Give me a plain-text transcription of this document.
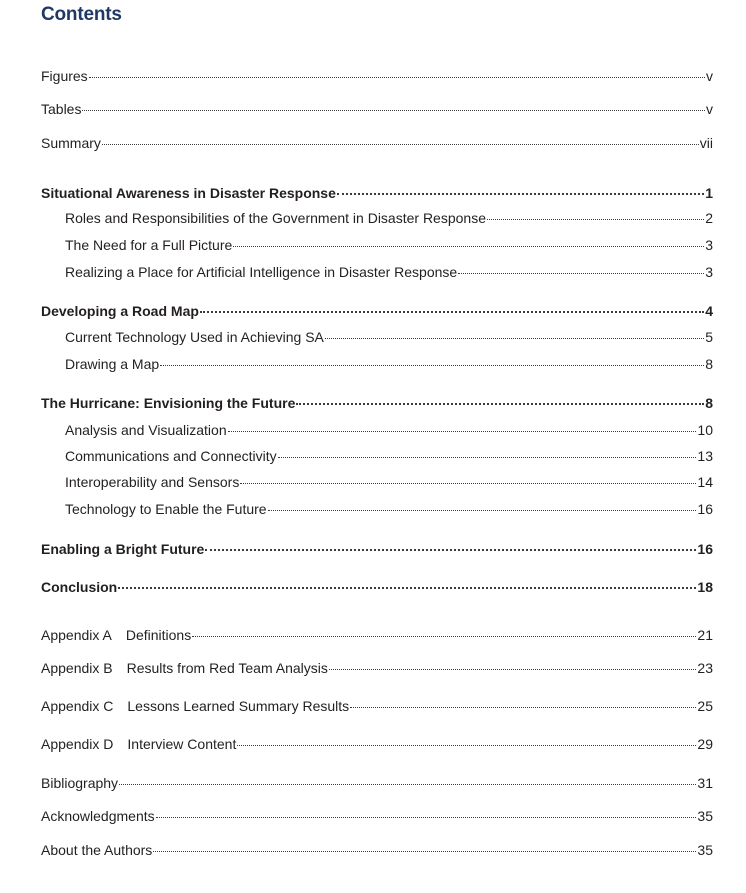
Contents
Figures	v
Tables	v
Summary	vii
Situational Awareness in Disaster Response	1
Roles and Responsibilities of the Government in Disaster Response	2
The Need for a Full Picture	3
Realizing a Place for Artificial Intelligence in Disaster Response	3
Developing a Road Map	4
Current Technology Used in Achieving SA	5
Drawing a Map	8
The Hurricane: Envisioning the Future	8
Analysis and Visualization	10
Communications and Connectivity	13
Interoperability and Sensors	14
Technology to Enable the Future	16
Enabling a Bright Future	16
Conclusion	18
Appendix A Definitions	21
Appendix B Results from Red Team Analysis	23
Appendix C Lessons Learned Summary Results	25
Appendix D Interview Content	29
Bibliography	31
Acknowledgments	35
About the Authors	35
